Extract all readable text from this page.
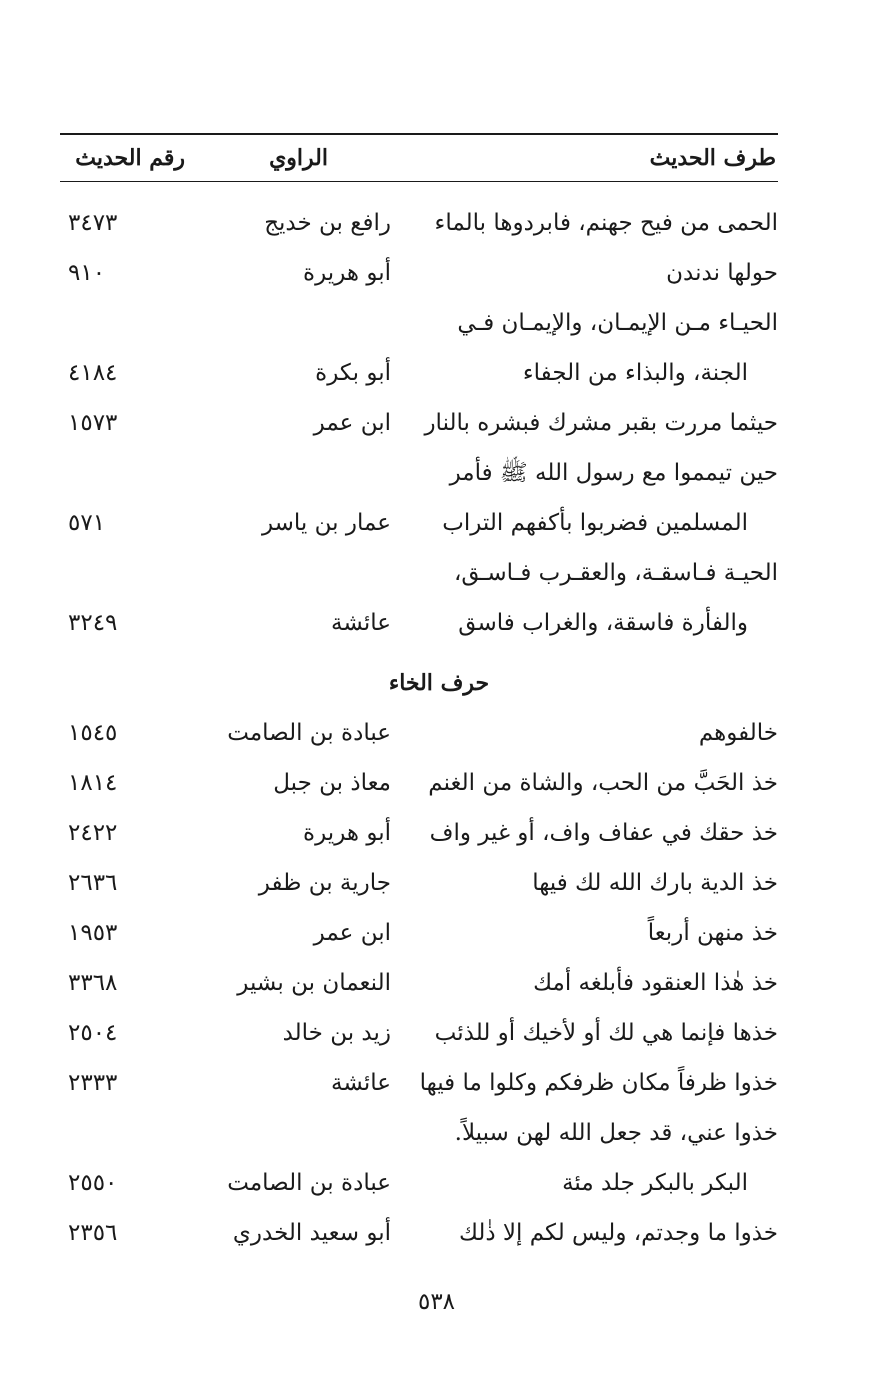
طرف الحديث
الراوي
رقم الحديث
الحمى من فيح جهنم، فابردوها بالماء
رافع بن خديج
٣٤٧٣
حولها ندندن
أبو هريرة
٩١٠
الحيـاء مـن الإيمـان، والإيمـان فـي
الجنة، والبذاء من الجفاء
أبو بكرة
٤١٨٤
حيثما مررت بقبر مشرك فبشره بالنار
ابن عمر
١٥٧٣
حين تيمموا مع رسول الله ﷺ فأمر
المسلمين فضربوا بأكفهم التراب
عمار بن ياسر
٥٧١
الحيـة فـاسقـة، والعقـرب فـاسـق،
والفأرة فاسقة، والغراب فاسق
عائشة
٣٢٤٩
حرف الخاء
خالفوهم
عبادة بن الصامت
١٥٤٥
خذ الحَبَّ من الحب، والشاة من الغنم
معاذ بن جبل
١٨١٤
خذ حقك في عفاف واف، أو غير واف
أبو هريرة
٢٤٢٢
خذ الدية بارك الله لك فيها
جارية بن ظفر
٢٦٣٦
خذ منهن أربعاً
ابن عمر
١٩٥٣
خذ هٰذا العنقود فأبلغه أمك
النعمان بن بشير
٣٣٦٨
خذها فإنما هي لك أو لأخيك أو للذئب
زيد بن خالد
٢٥٠٤
خذوا ظرفاً مكان ظرفكم وكلوا ما فيها
عائشة
٢٣٣٣
خذوا عني، قد جعل الله لهن سبيلاً.
البكر بالبكر جلد مئة
عبادة بن الصامت
٢٥٥٠
خذوا ما وجدتم، وليس لكم إلا ذٰلك
أبو سعيد الخدري
٢٣٥٦
٥٣٨
